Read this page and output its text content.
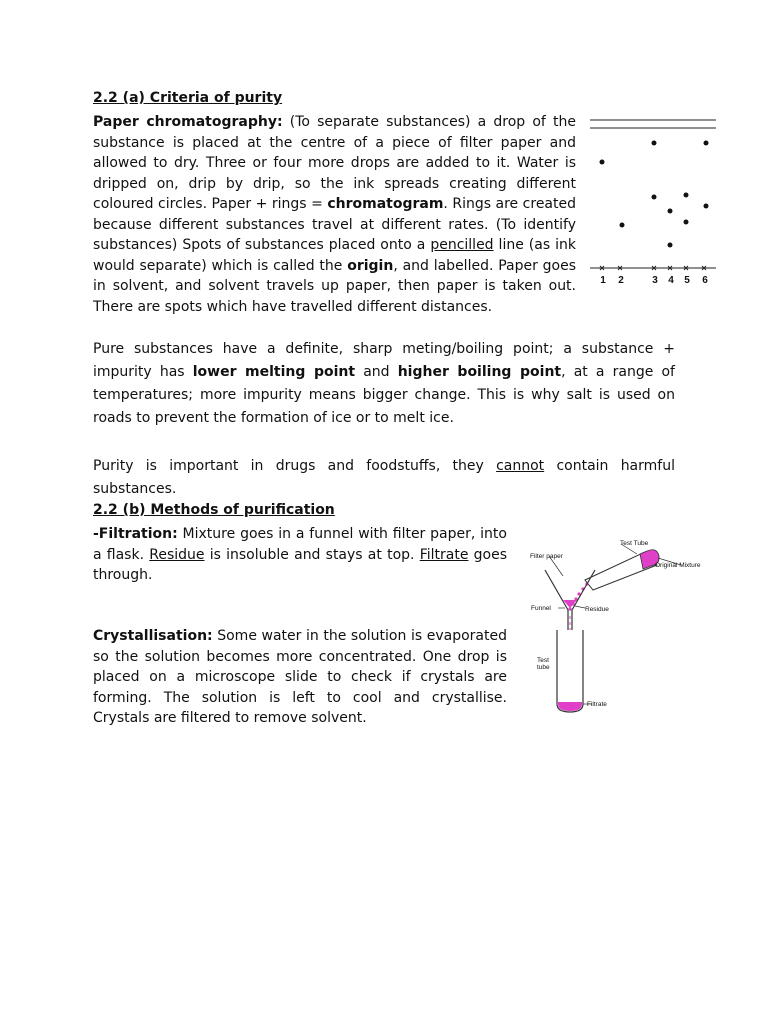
2.2 (a) Criteria of purity
Paper chromatography: (To separate substances) a drop of the substance is placed at the centre of a piece of filter paper and allowed to dry. Three or four more drops are added to it. Water is dripped on, drip by drip, so the ink spreads creating different coloured circles. Paper + rings = chromatogram. Rings are created because different substances travel at different rates. (To identify substances) Spots of substances placed onto a pencilled line (as ink would separate) which is called the origin, and labelled. Paper goes in solvent, and solvent travels up paper, then paper is taken out. There are spots which have travelled different distances.
1 2	3 4 5 6
Pure substances have a definite, sharp meting/boiling point; a substance + impurity has lower melting point and higher boiling point, at a range of temperatures; more impurity means bigger change. This is why salt is used on roads to prevent the formation of ice or to melt ice.
Purity is important in drugs and foodstuffs, they cannot contain harmful substances.
2.2 (b) Methods of purification
-Filtration: Mixture goes in a funnel with filter paper, into a flask. Residue is insoluble and stays at top. Filtrate goes through.
Crystallisation: Some water in the solution is evaporated so the solution becomes more concentrated. One drop is placed on a microscope slide to check if crystals are forming. The solution is left to cool and crystallise. Crystals are filtered to remove solvent.
Test Tube
Filter paper
Original Mixture
Funnel	Residue
Test
tube
Filtrate
